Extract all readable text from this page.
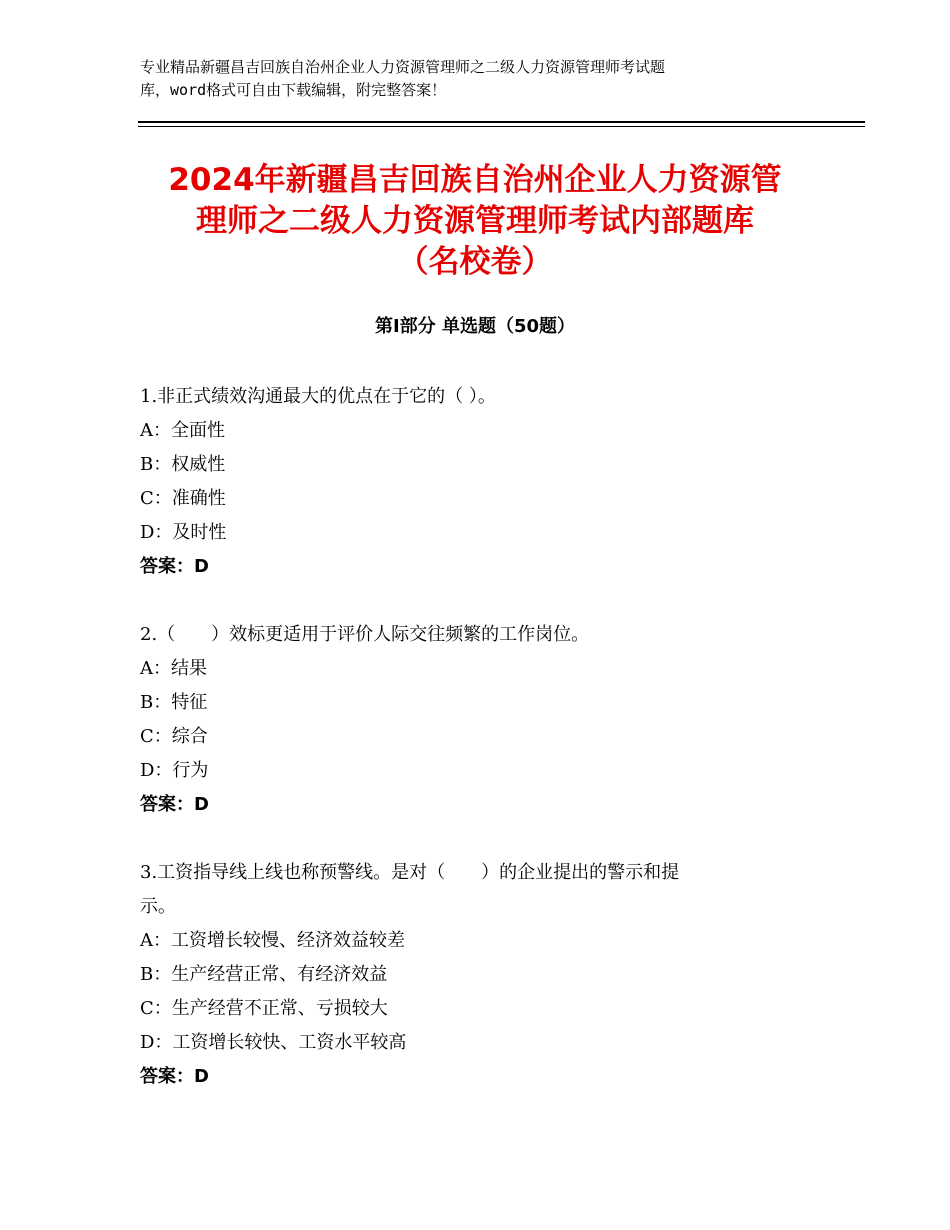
专业精品新疆昌吉回族自治州企业人力资源管理师之二级人力资源管理师考试题
库，word格式可自由下载编辑，附完整答案！
2024年新疆昌吉回族自治州企业人力资源管
理师之二级人力资源管理师考试内部题库
（名校卷）
第Ⅰ部分 单选题（50题）
1.非正式绩效沟通最大的优点在于它的（ ）。
A：全面性
B：权威性
C：准确性
D：及时性
答案：D
2.（　　）效标更适用于评价人际交往频繁的工作岗位。
A：结果
B：特征
C：综合
D：行为
答案：D
3.工资指导线上线也称预警线。是对（　　）的企业提出的警示和提
示。
A：工资增长较慢、经济效益较差
B：生产经营正常、有经济效益
C：生产经营不正常、亏损较大
D：工资增长较快、工资水平较高
答案：D
